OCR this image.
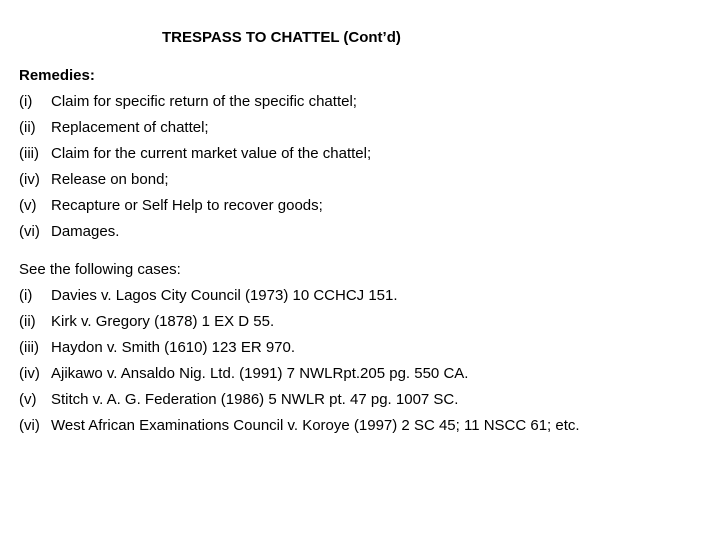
TRESPASS TO CHATTEL (Cont’d)
Remedies:
(i)	Claim for specific return of the specific chattel;
(ii)	Replacement of chattel;
(iii) Claim for the current market value of the chattel;
(iv) Release on bond;
(v) Recapture or Self Help to recover goods;
(vi) Damages.
See the following cases:
(i)	Davies v. Lagos City Council (1973) 10 CCHCJ 151.
(ii)	Kirk v. Gregory (1878) 1 EX D 55.
(iii) Haydon v. Smith (1610) 123 ER 970.
(iv) Ajikawo v. Ansaldo Nig. Ltd. (1991) 7 NWLRpt.205 pg. 550 CA.
(v) Stitch v. A. G. Federation (1986) 5 NWLR pt. 47 pg. 1007 SC.
(vi) West African Examinations Council v. Koroye (1997) 2 SC 45; 11 NSCC 61; etc.
